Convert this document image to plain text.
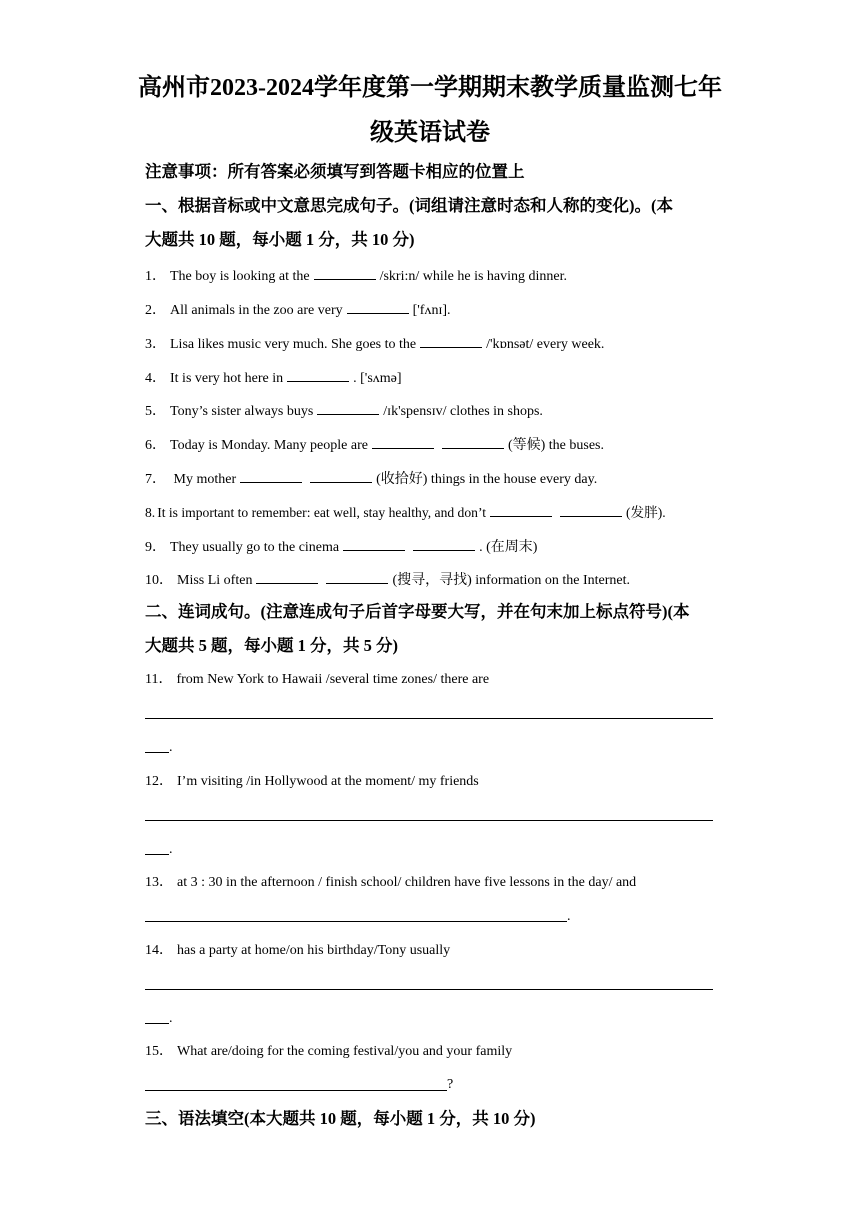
高州市2023-2024学年度第一学期期末教学质量监测七年
级英语试卷
注意事项：所有答案必须填写到答题卡相应的位置上
一、根据音标或中文意思完成句子。(词组请注意时态和人称的变化)。(本
大题共 10 题，每小题 1 分，共 10 分)
1． The boy is looking at the	/skri:n/ while he is having dinner.
2． All animals in the zoo are very	['fʌnɪ].
3． Lisa likes music very much. She goes to the	/'kɒnsət/ every week.
4． It is very hot here in	. ['sʌmə]
5． Tony’s sister always buys	/ɪk'spensɪv/ clothes in shops.
6． Today is Monday. Many people are	(等候) the buses.
7． My mother	(收拾好) things in the house every day.
8. It is important to remember: eat well, stay healthy, and don’t	(发胖).
9． They usually go to the cinema	. (在周末)
10． Miss Li often	(搜寻，寻找) information on the Internet.
二、连词成句。(注意连成句子后首字母要大写，并在句末加上标点符号)(本
大题共 5 题，每小题 1 分，共 5 分)
11． from New York to Hawaii /several time zones/ there are
.
12． I’m visiting /in Hollywood at the moment/ my friends
.
13． at 3 : 30 in the afternoon / finish school/ children have five lessons in the day/ and
.
14． has a party at home/on his birthday/Tony usually
.
15． What are/doing for the coming festival/you and your family
?
三、语法填空(本大题共 10 题，每小题 1 分，共 10 分)
